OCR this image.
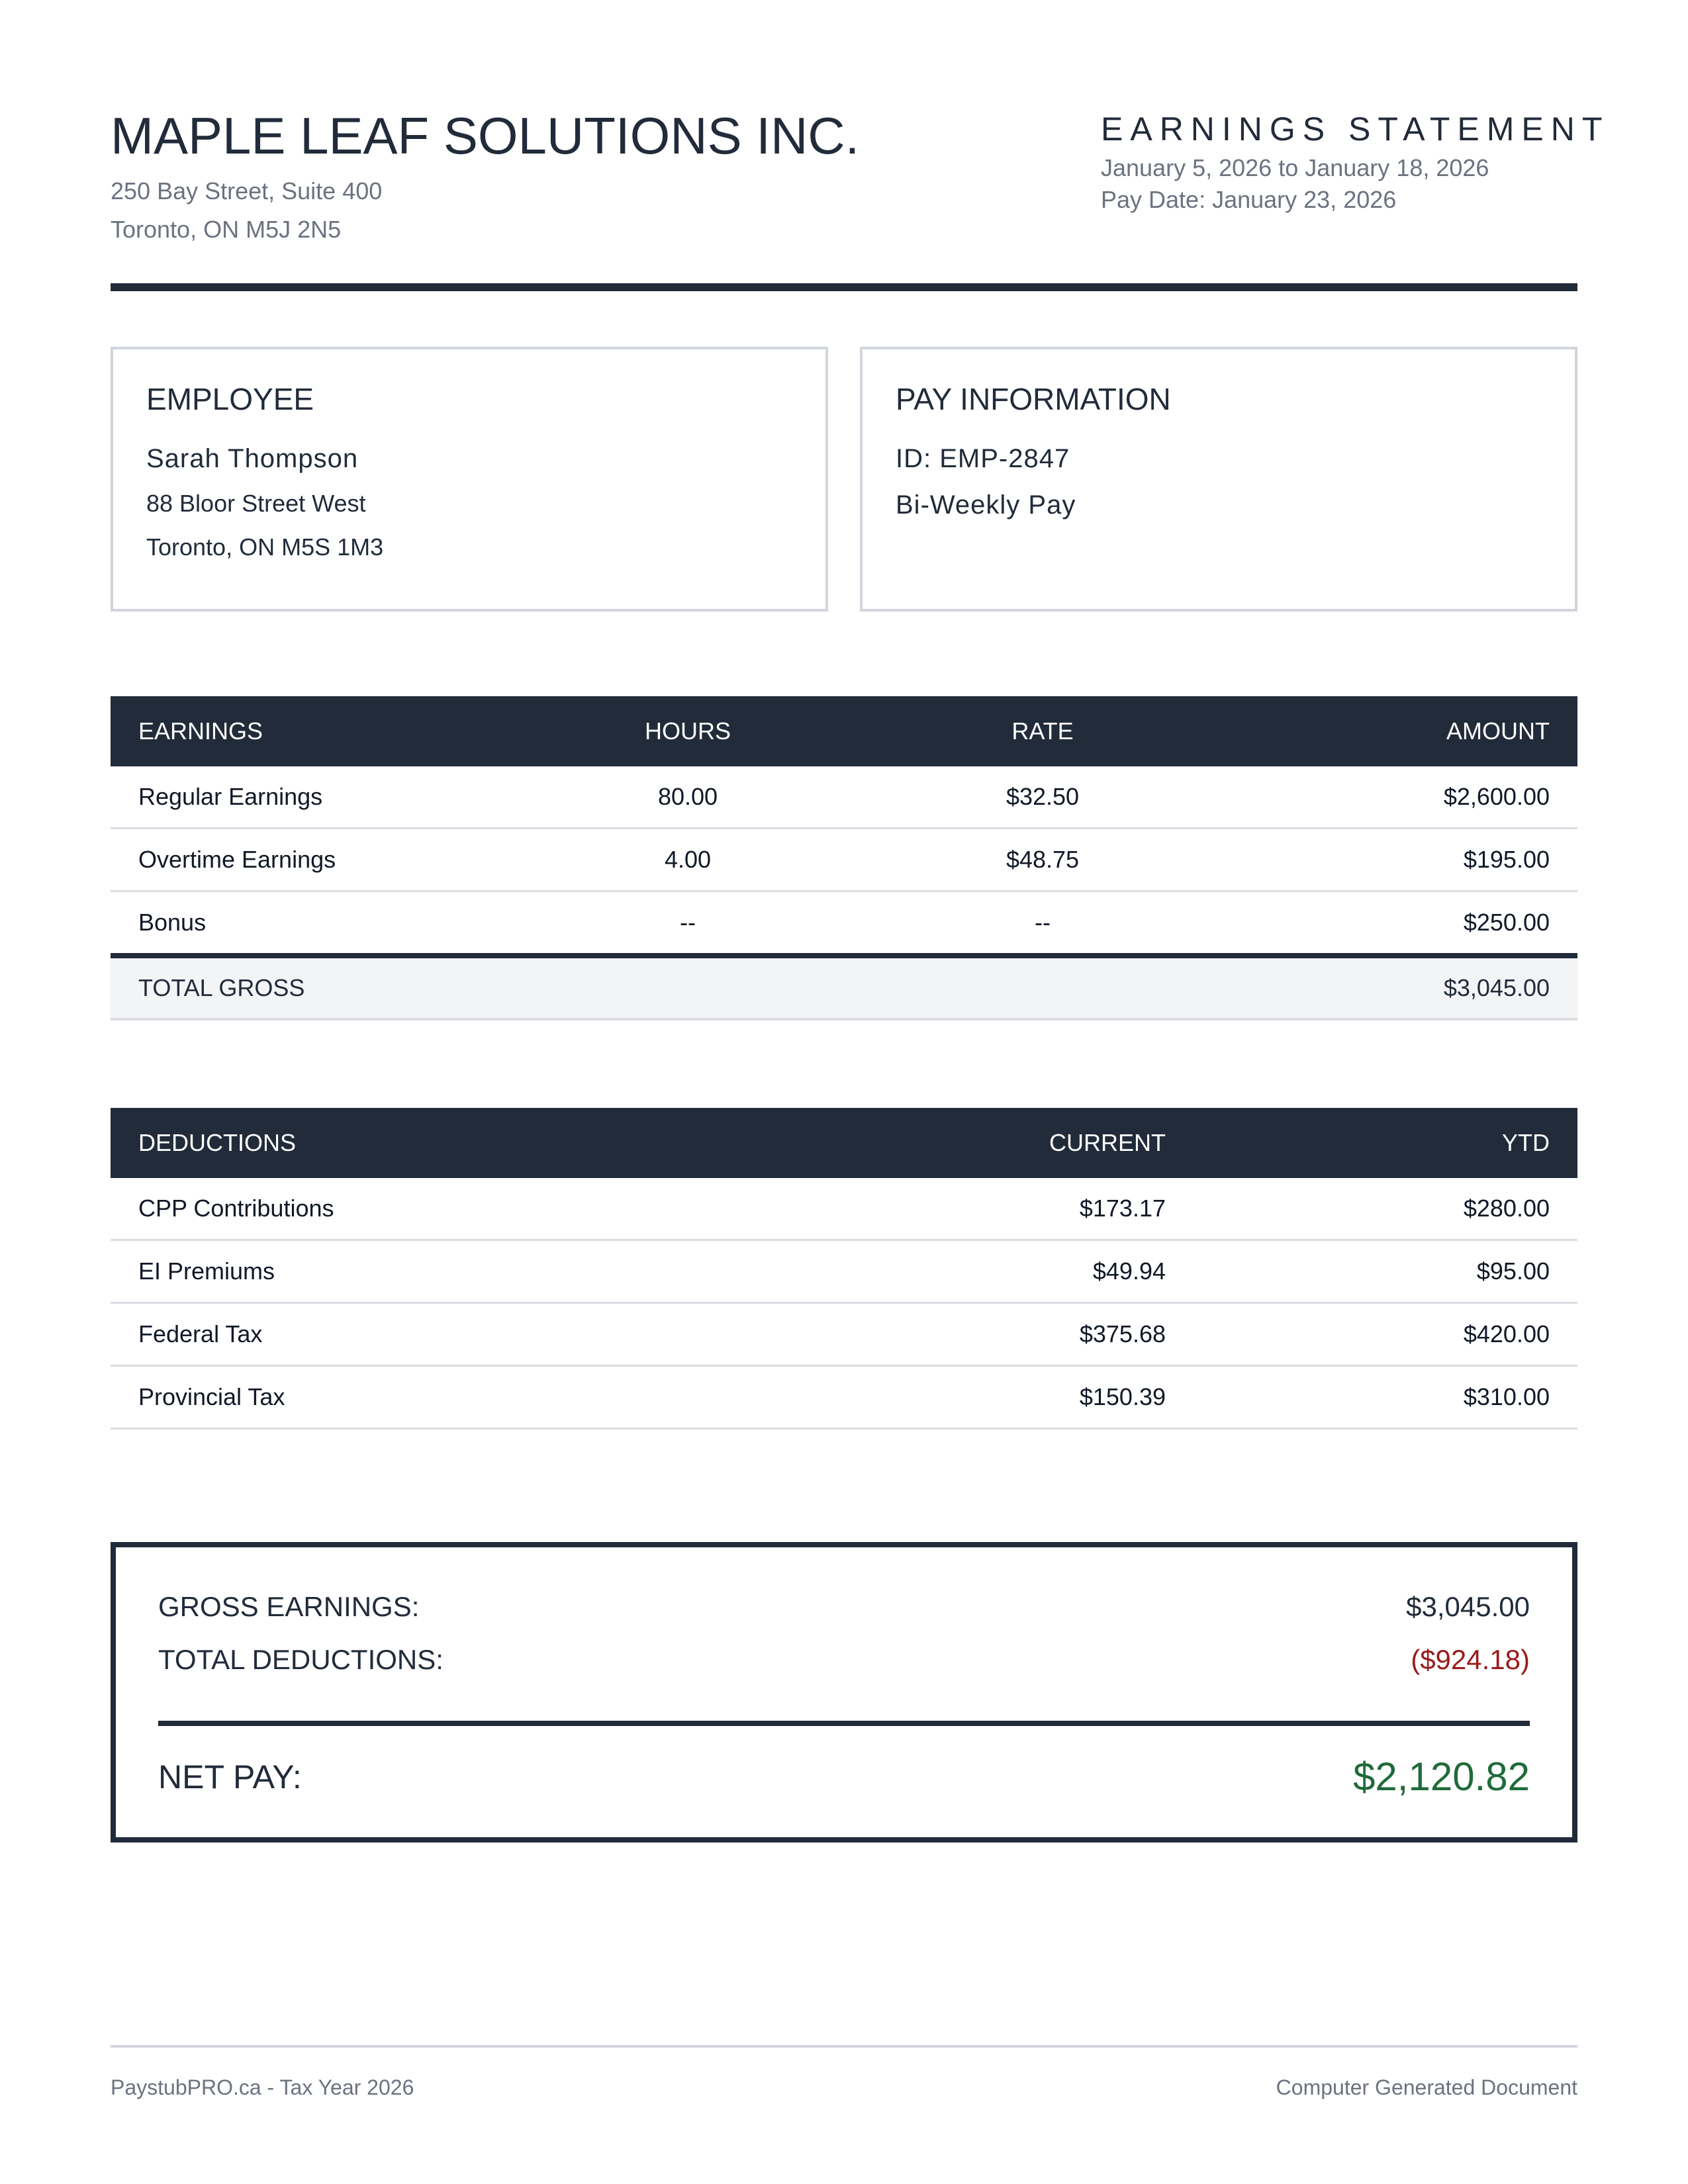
MAPLE LEAF SOLUTIONS INC.
250 Bay Street, Suite 400
Toronto, ON M5J 2N5
EARNINGS STATEMENT
January 5, 2026 to January 18, 2026
Pay Date: January 23, 2026
EMPLOYEE
Sarah Thompson
88 Bloor Street West
Toronto, ON M5S 1M3
PAY INFORMATION
ID: EMP-2847
Bi-Weekly Pay
EARNINGS	HOURS	RATE	AMOUNT
Regular Earnings	80.00	$32.50	$2,600.00
Overtime Earnings	4.00	$48.75	$195.00
Bonus	--	--	$250.00
TOTAL GROSS			$3,045.00
DEDUCTIONS	CURRENT	YTD
CPP Contributions	$173.17	$280.00
EI Premiums	$49.94	$95.00
Federal Tax	$375.68	$420.00
Provincial Tax	$150.39	$310.00
GROSS EARNINGS:	$3,045.00
TOTAL DEDUCTIONS:	($924.18)
NET PAY:	$2,120.82
PaystubPRO.ca - Tax Year 2026	Computer Generated Document
